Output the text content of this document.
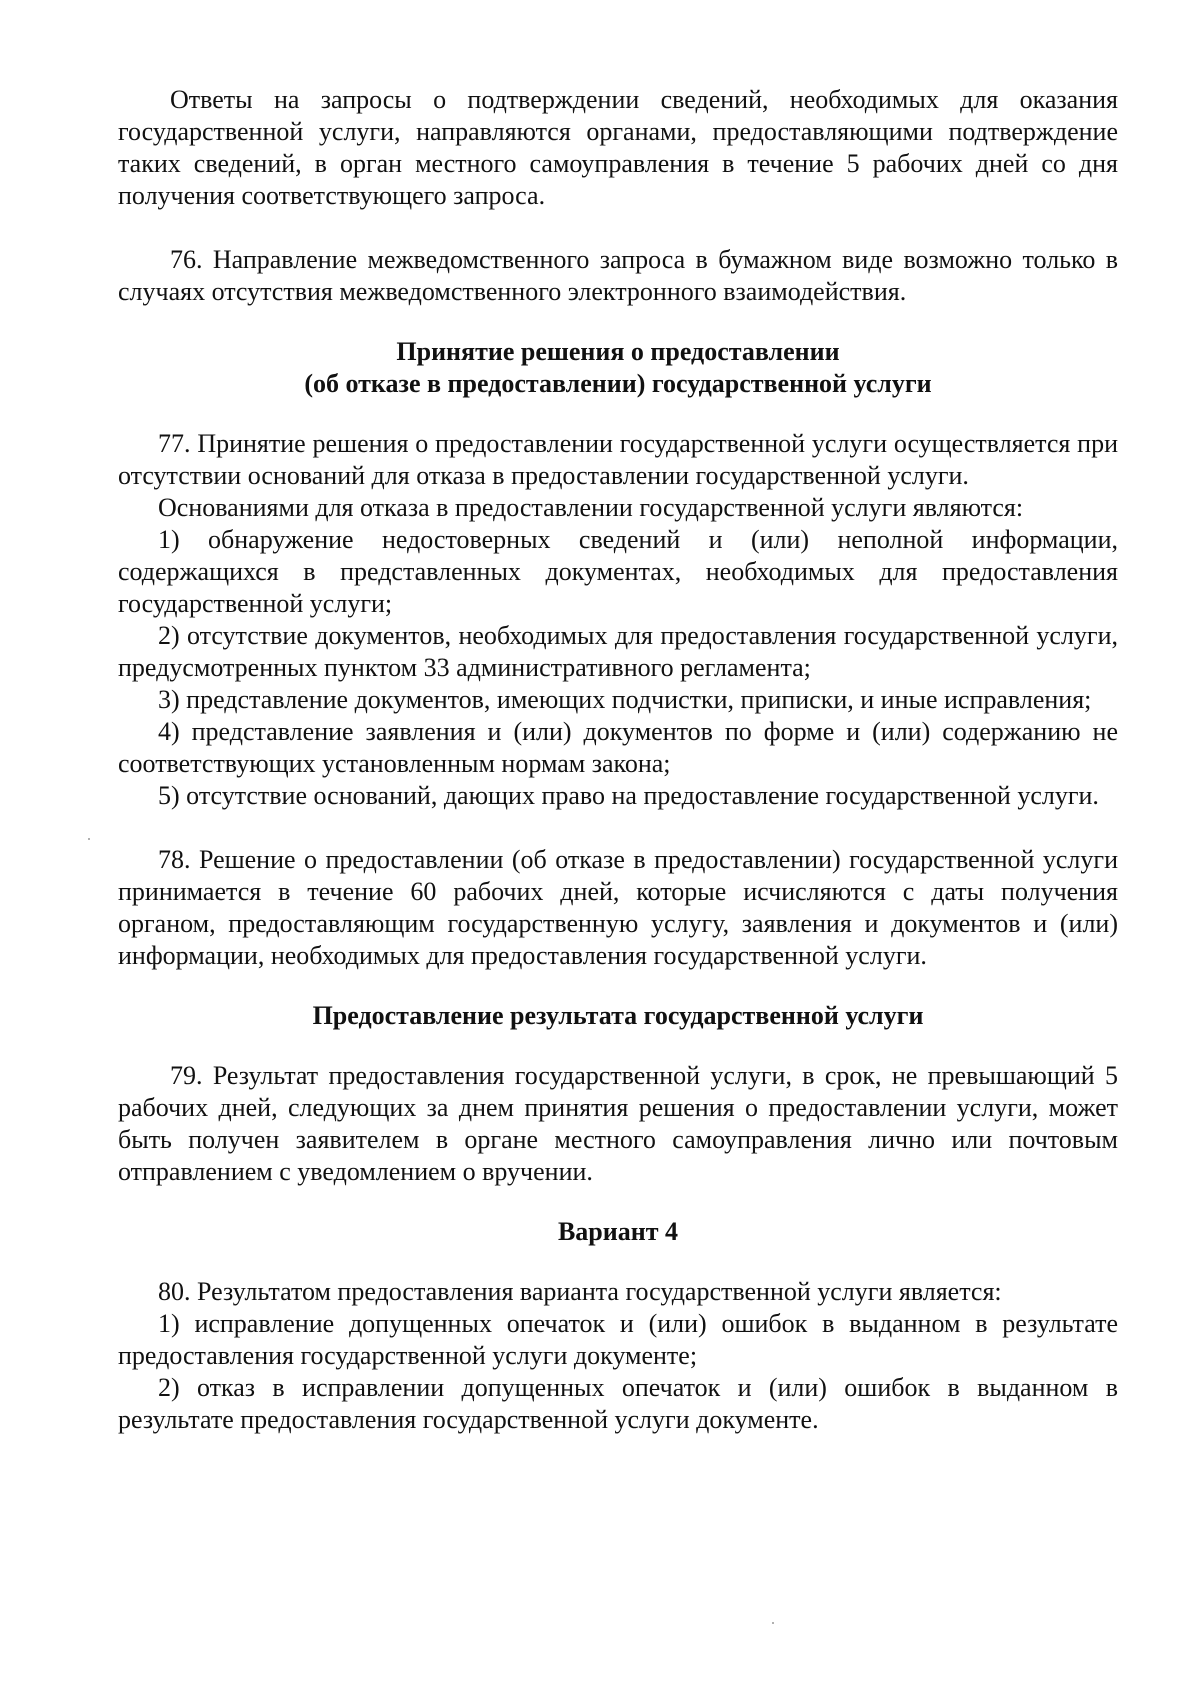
Ответы на запросы о подтверждении сведений, необходимых для оказания государственной услуги, направляются органами, предоставляющими подтверждение таких сведений, в орган местного самоуправления в течение 5 рабочих дней со дня получения соответствующего запроса.

76. Направление межведомственного запроса в бумажном виде возможно только в случаях отсутствия межведомственного электронного взаимодействия.

Принятие решения о предоставлении

(об отказе в предоставлении) государственной услуги

77. Принятие решения о предоставлении государственной услуги осуществляется при отсутствии оснований для отказа в предоставлении государственной услуги.

Основаниями для отказа в предоставлении государственной услуги являются:

1) обнаружение недостоверных сведений и (или) неполной информации, содержащихся в представленных документах, необходимых для предоставления государственной услуги;

2) отсутствие документов, необходимых для предоставления государственной услуги, предусмотренных пунктом 33 административного регламента;

3) представление документов, имеющих подчистки, приписки, и иные исправления;

4) представление заявления и (или) документов по форме и (или) содержанию не соответствующих установленным нормам закона;

5) отсутствие оснований, дающих право на предоставление государственной услуги.

78. Решение о предоставлении (об отказе в предоставлении) государственной услуги принимается в течение 60 рабочих дней, которые исчисляются с даты получения органом, предоставляющим государственную услугу, заявления и документов и (или) информации, необходимых для предоставления государственной услуги.

Предоставление результата государственной услуги

79. Результат предоставления государственной услуги, в срок, не превышающий 5 рабочих дней, следующих за днем принятия решения о предоставлении услуги, может быть получен заявителем в органе местного самоуправления лично или почтовым отправлением с уведомлением о вручении.

Вариант 4

80. Результатом предоставления варианта государственной услуги является:

1) исправление допущенных опечаток и (или) ошибок в выданном в результате предоставления государственной услуги документе;

2) отказ в исправлении допущенных опечаток и (или) ошибок в выданном в результате предоставления государственной услуги документе.
